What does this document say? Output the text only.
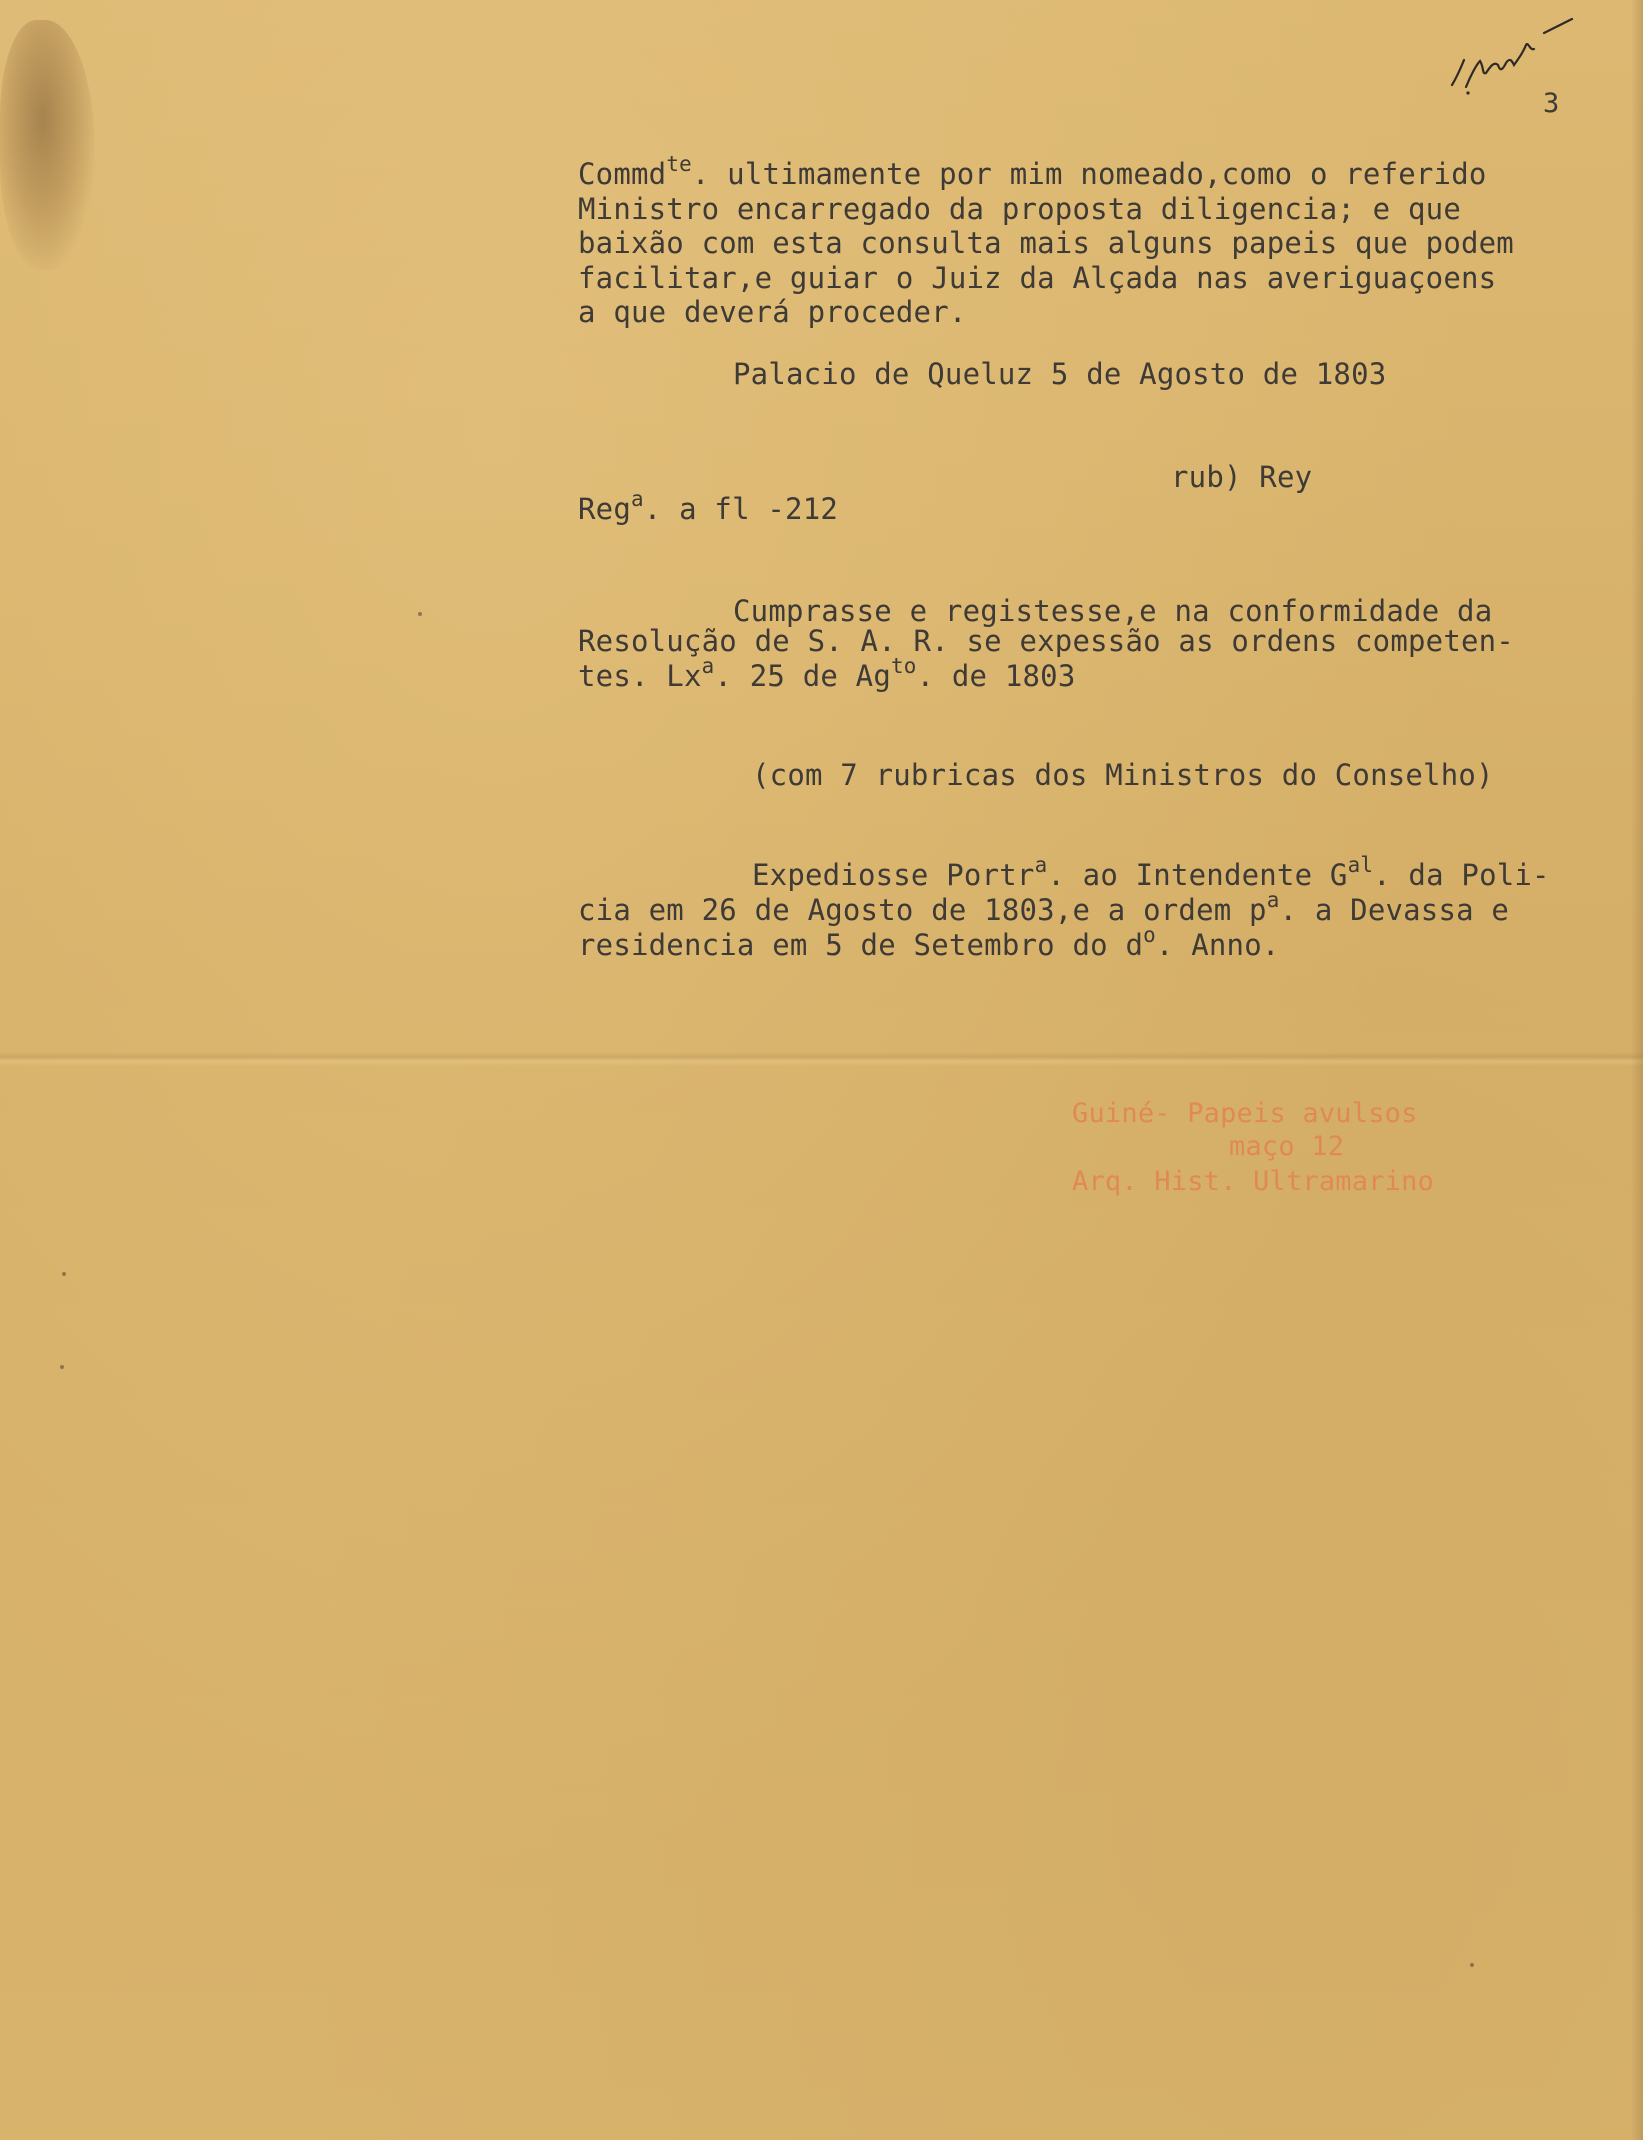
3
Commd$^{te}$. ultimamente por mim nomeado,como o referido
Ministro encarregado da proposta diligencia; e que
baixão com esta consulta mais alguns papeis que podem
facilitar,e guiar o Juiz da Alçada nas averiguaçoens
a que deverá proceder.
Palacio de Queluz 5 de Agosto de 1803
rub) Rey
Reg$^a$. a fl -212
Cumprasse e registesse,e na conformidade da
Resolução de S. A. R. se expessão as ordens competen-
tes. Lx$^a$. 25 de $Ag^{to}$. de 1803
(com 7 rubricas dos Ministros do Conselho)
Expediosse Portr$^a$. ao Intendente $G^{al}$. da Poli-
cia em 26 de Agosto de 1803,e a ordem $p^a$. a Devassa e
residencia em 5 de Setembro do $d^o$. Anno.
Guiné- Papeis avulsos
maço 12
Arq. Hist. Ultramarino
